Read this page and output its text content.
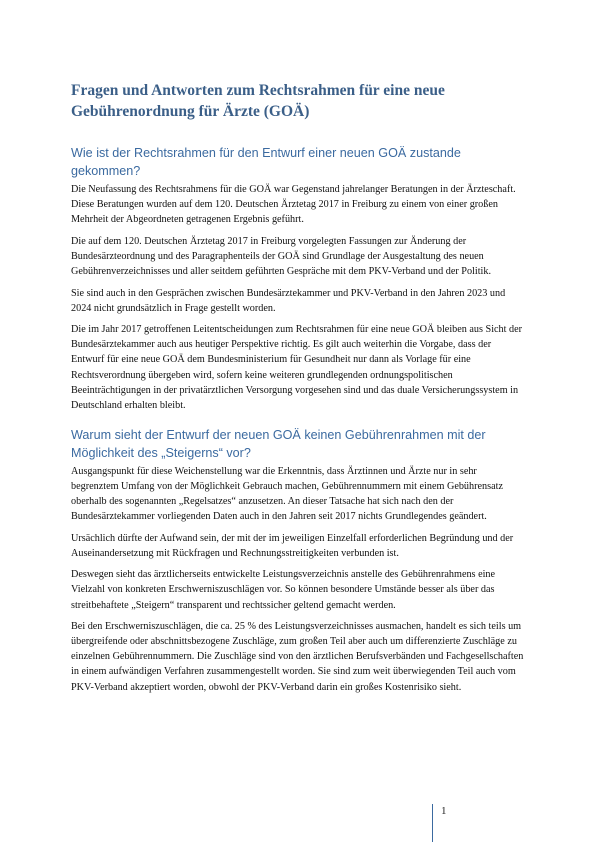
Fragen und Antworten zum Rechtsrahmen für eine neue Gebührenordnung für Ärzte (GOÄ)
Wie ist der Rechtsrahmen für den Entwurf einer neuen GOÄ zustande gekommen?

Die Neufassung des Rechtsrahmens für die GOÄ war Gegenstand jahrelanger Beratungen in der Ärzteschaft. Diese Beratungen wurden auf dem 120. Deutschen Ärztetag 2017 in Freiburg zu einem von einer großen Mehrheit der Abgeordneten getragenen Ergebnis geführt.

Die auf dem 120. Deutschen Ärztetag 2017 in Freiburg vorgelegten Fassungen zur Änderung der Bundesärzteordnung und des Paragraphenteils der GOÄ sind Grundlage der Ausgestaltung des neuen Gebührenverzeichnisses und aller seitdem geführten Gespräche mit dem PKV-Verband und der Politik.

Sie sind auch in den Gesprächen zwischen Bundesärztekammer und PKV-Verband in den Jahren 2023 und 2024 nicht grundsätzlich in Frage gestellt worden.

Die im Jahr 2017 getroffenen Leitentscheidungen zum Rechtsrahmen für eine neue GOÄ bleiben aus Sicht der Bundesärztekammer auch aus heutiger Perspektive richtig. Es gilt auch weiterhin die Vorgabe, dass der Entwurf für eine neue GOÄ dem Bundesministerium für Gesundheit nur dann als Vorlage für eine Rechtsverordnung übergeben wird, sofern keine weiteren grundlegenden ordnungspolitischen Beeinträchtigungen in der privatärztlichen Versorgung vorgesehen sind und das duale Versicherungssystem in Deutschland erhalten bleibt.

Warum sieht der Entwurf der neuen GOÄ keinen Gebührenrahmen mit der Möglichkeit des „Steigerns“ vor?

Ausgangspunkt für diese Weichenstellung war die Erkenntnis, dass Ärztinnen und Ärzte nur in sehr begrenztem Umfang von der Möglichkeit Gebrauch machen, Gebührennummern mit einem Gebührensatz oberhalb des sogenannten „Regelsatzes“ anzusetzen. An dieser Tatsache hat sich nach den der Bundesärztekammer vorliegenden Daten auch in den Jahren seit 2017 nichts Grundlegendes geändert.

Ursächlich dürfte der Aufwand sein, der mit der im jeweiligen Einzelfall erforderlichen Begründung und der Auseinandersetzung mit Rückfragen und Rechnungsstreitigkeiten verbunden ist.

Deswegen sieht das ärztlicherseits entwickelte Leistungsverzeichnis anstelle des Gebührenrahmens eine Vielzahl von konkreten Erschwerniszuschlägen vor. So können besondere Umstände besser als über das streitbehaftete „Steigern“ transparent und rechtssicher geltend gemacht werden.

Bei den Erschwerniszuschlägen, die ca. 25 % des Leistungsverzeichnisses ausmachen, handelt es sich teils um übergreifende oder abschnittsbezogene Zuschläge, zum großen Teil aber auch um differenzierte Zuschläge zu einzelnen Gebührennummern. Die Zuschläge sind von den ärztlichen Berufsverbänden und Fachgesellschaften in einem aufwändigen Verfahren zusammengestellt worden. Sie sind zum weit überwiegenden Teil auch vom PKV-Verband akzeptiert worden, obwohl der PKV-Verband darin ein großes Kostenrisiko sieht.

1
